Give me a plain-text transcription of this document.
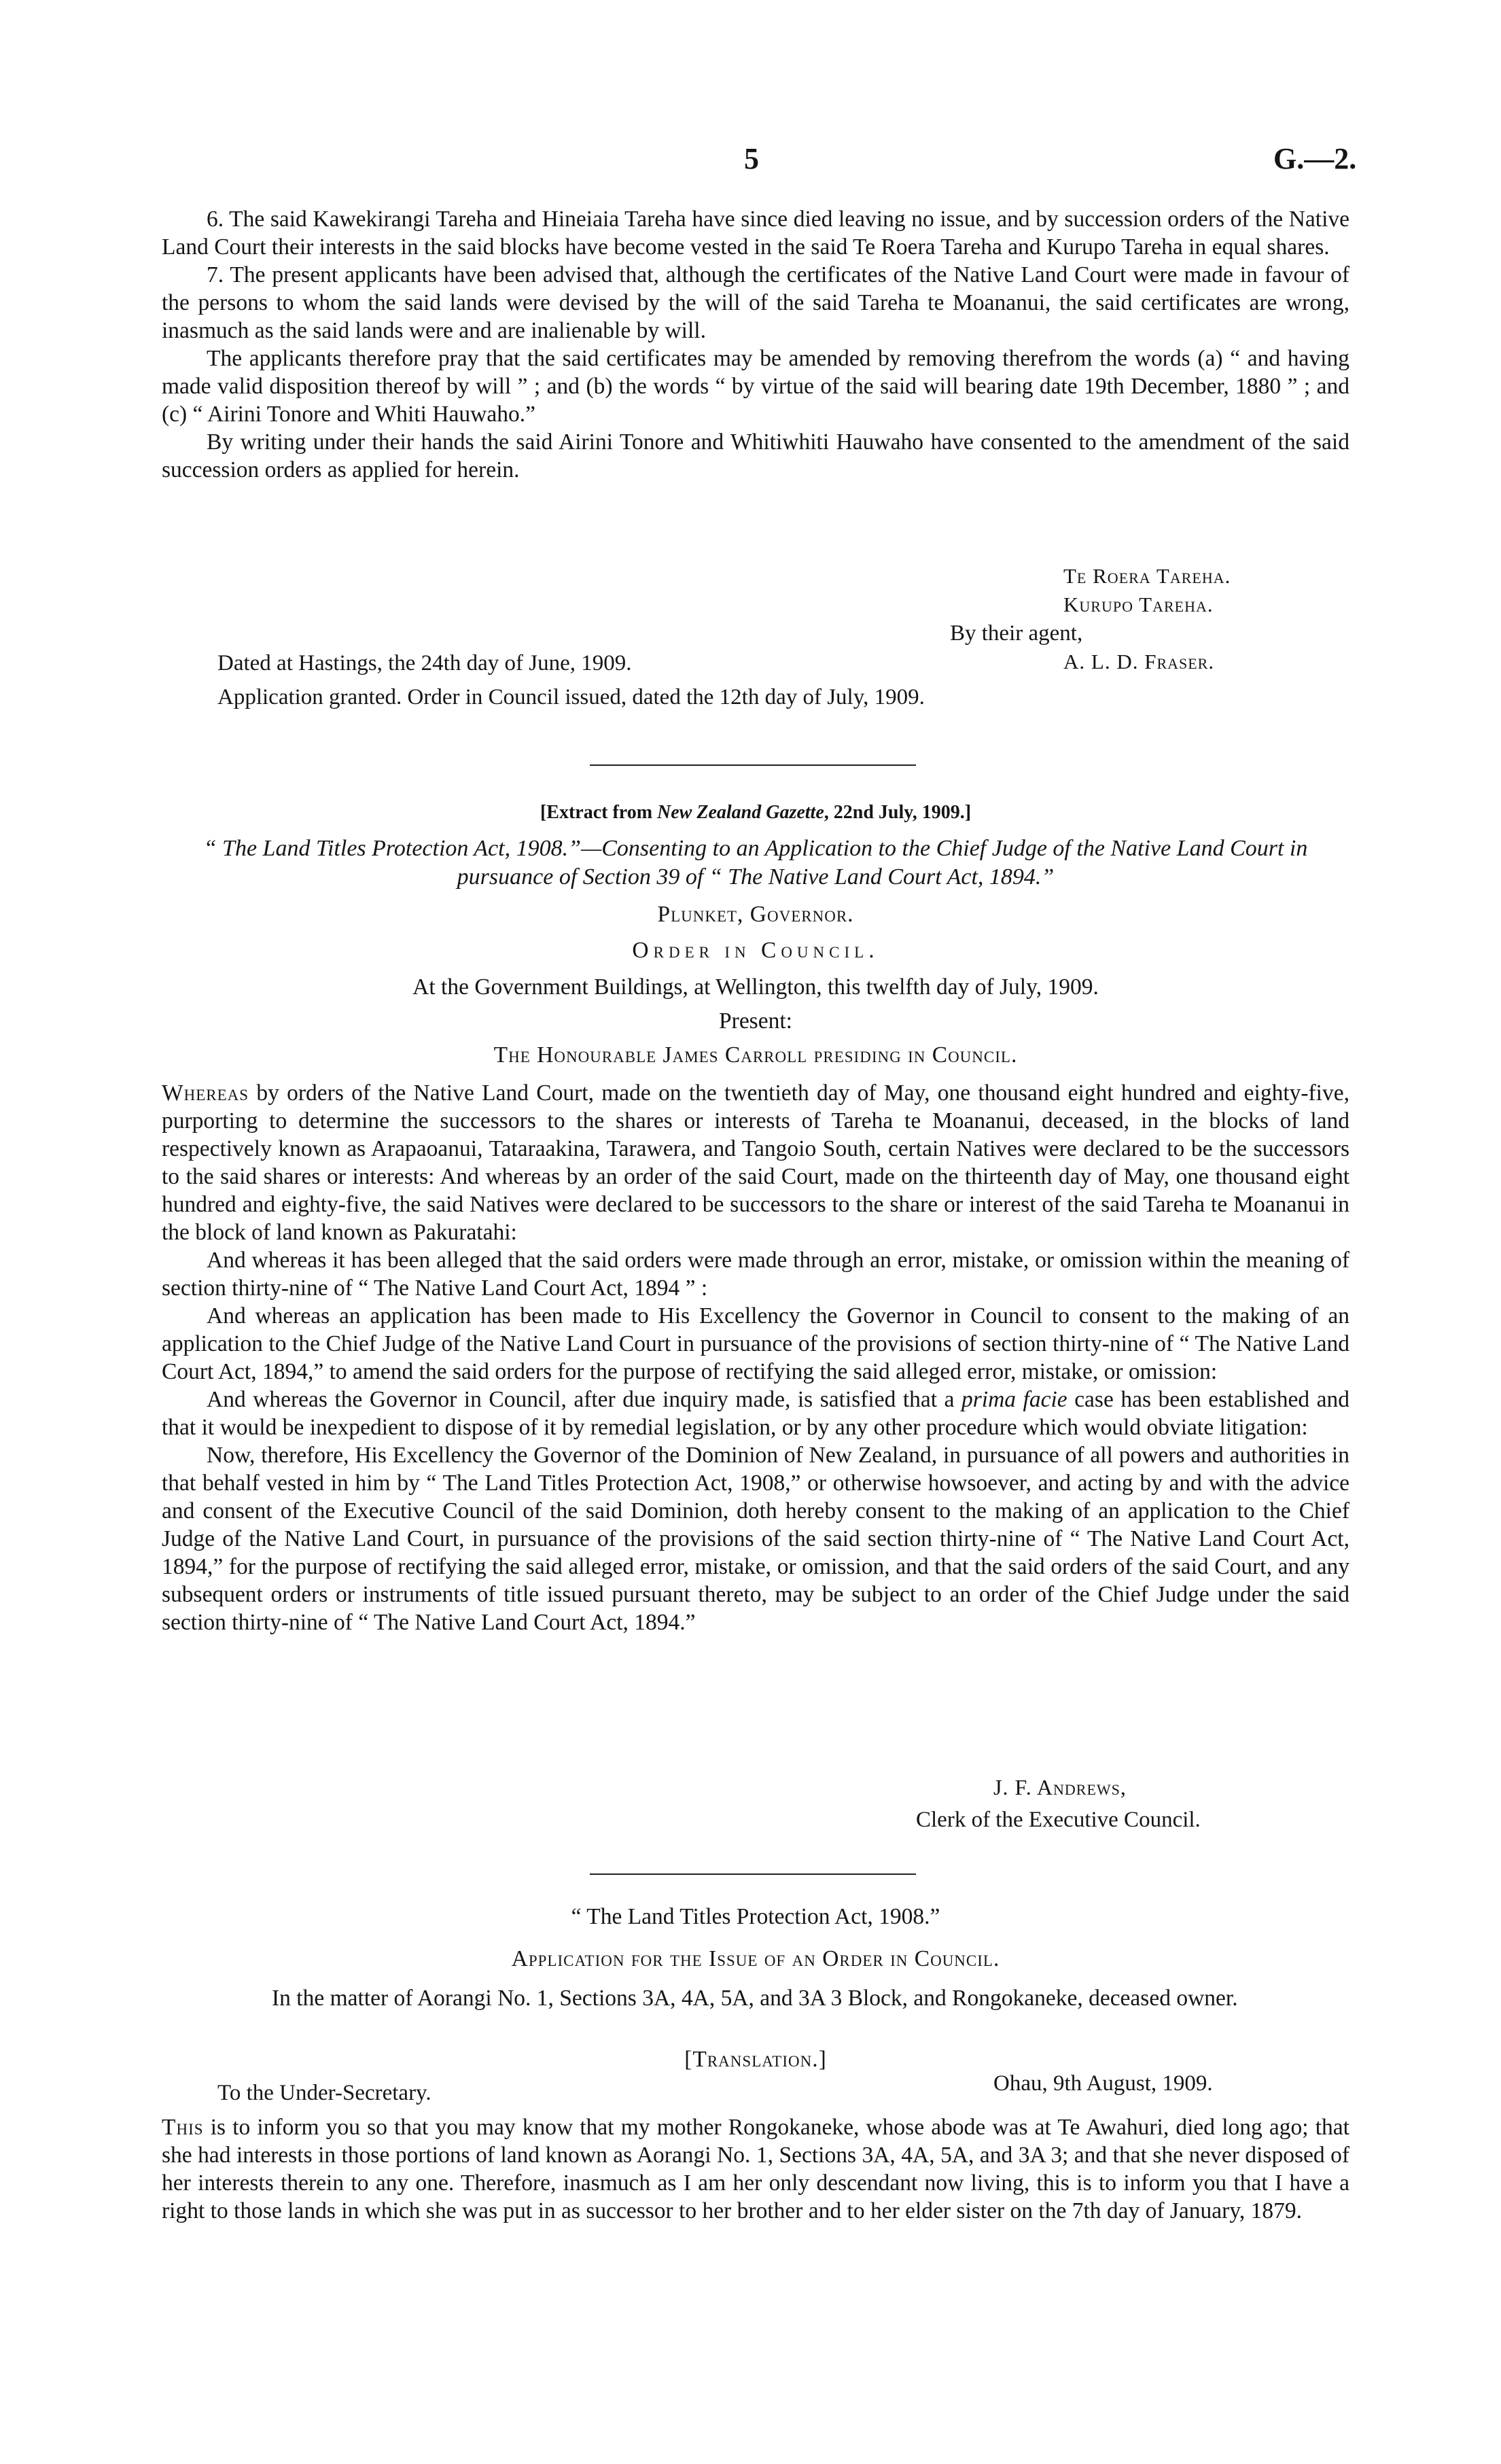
5	G.—2.

6. The said Kawekirangi Tareha and Hineiaia Tareha have since died leaving no issue, and by succession orders of the Native Land Court their interests in the said blocks have become vested in the said Te Roera Tareha and Kurupo Tareha in equal shares.

7. The present applicants have been advised that, although the certificates of the Native Land Court were made in favour of the persons to whom the said lands were devised by the will of the said Tareha te Moananui, the said certificates are wrong, inasmuch as the said lands were and are inalienable by will.

The applicants therefore pray that the said certificates may be amended by removing therefrom the words (a) “ and having made valid disposition thereof by will ” ; and (b) the words “ by virtue of the said will bearing date 19th December, 1880 ” ; and (c) “ Airini Tonore and Whiti Hauwaho.”

By writing under their hands the said Airini Tonore and Whitiwhiti Hauwaho have consented to the amendment of the said succession orders as applied for herein.

Te Roera Tareha.
Kurupo Tareha.
By their agent,
Dated at Hastings, the 24th day of June, 1909.	A. L. D. Fraser.
Application granted. Order in Council issued, dated the 12th day of July, 1909.
[Extract from New Zealand Gazette, 22nd July, 1909.]
“ The Land Titles Protection Act, 1908.”—Consenting to an Application to the Chief Judge of the Native Land Court in pursuance of Section 39 of “ The Native Land Court Act, 1894.”
Plunket, Governor.
Order in Council.
At the Government Buildings, at Wellington, this twelfth day of July, 1909.
Present:
The Honourable James Carroll presiding in Council.

Whereas by orders of the Native Land Court, made on the twentieth day of May, one thousand eight hundred and eighty-five, purporting to determine the successors to the shares or interests of Tareha te Moananui, deceased, in the blocks of land respectively known as Arapaoanui, Tataraakina, Tarawera, and Tangoio South, certain Natives were declared to be the successors to the said shares or interests: And whereas by an order of the said Court, made on the thirteenth day of May, one thousand eight hundred and eighty-five, the said Natives were declared to be successors to the share or interest of the said Tareha te Moananui in the block of land known as Pakuratahi:

And whereas it has been alleged that the said orders were made through an error, mistake, or omission within the meaning of section thirty-nine of “ The Native Land Court Act, 1894 ” :

And whereas an application has been made to His Excellency the Governor in Council to consent to the making of an application to the Chief Judge of the Native Land Court in pursuance of the provisions of section thirty-nine of “ The Native Land Court Act, 1894,” to amend the said orders for the purpose of rectifying the said alleged error, mistake, or omission:

And whereas the Governor in Council, after due inquiry made, is satisfied that a prima facie case has been established and that it would be inexpedient to dispose of it by remedial legislation, or by any other procedure which would obviate litigation:

Now, therefore, His Excellency the Governor of the Dominion of New Zealand, in pursuance of all powers and authorities in that behalf vested in him by “ The Land Titles Protection Act, 1908,” or otherwise howsoever, and acting by and with the advice and consent of the Executive Council of the said Dominion, doth hereby consent to the making of an application to the Chief Judge of the Native Land Court, in pursuance of the provisions of the said section thirty-nine of “ The Native Land Court Act, 1894,” for the purpose of rectifying the said alleged error, mistake, or omission, and that the said orders of the said Court, and any subsequent orders or instruments of title issued pursuant thereto, may be subject to an order of the Chief Judge under the said section thirty-nine of “ The Native Land Court Act, 1894.”

J. F. Andrews,
Clerk of the Executive Council.
“ The Land Titles Protection Act, 1908.”
Application for the Issue of an Order in Council.

In the matter of Aorangi No. 1, Sections 3A, 4A, 5A, and 3A 3 Block, and Rongokaneke, deceased owner.

[Translation.]
To the Under-Secretary.	Ohau, 9th August, 1909.

This is to inform you so that you may know that my mother Rongokaneke, whose abode was at Te Awahuri, died long ago; that she had interests in those portions of land known as Aorangi No. 1, Sections 3A, 4A, 5A, and 3A 3; and that she never disposed of her interests therein to any one. Therefore, inasmuch as I am her only descendant now living, this is to inform you that I have a right to those lands in which she was put in as successor to her brother and to her elder sister on the 7th day of January, 1879.
